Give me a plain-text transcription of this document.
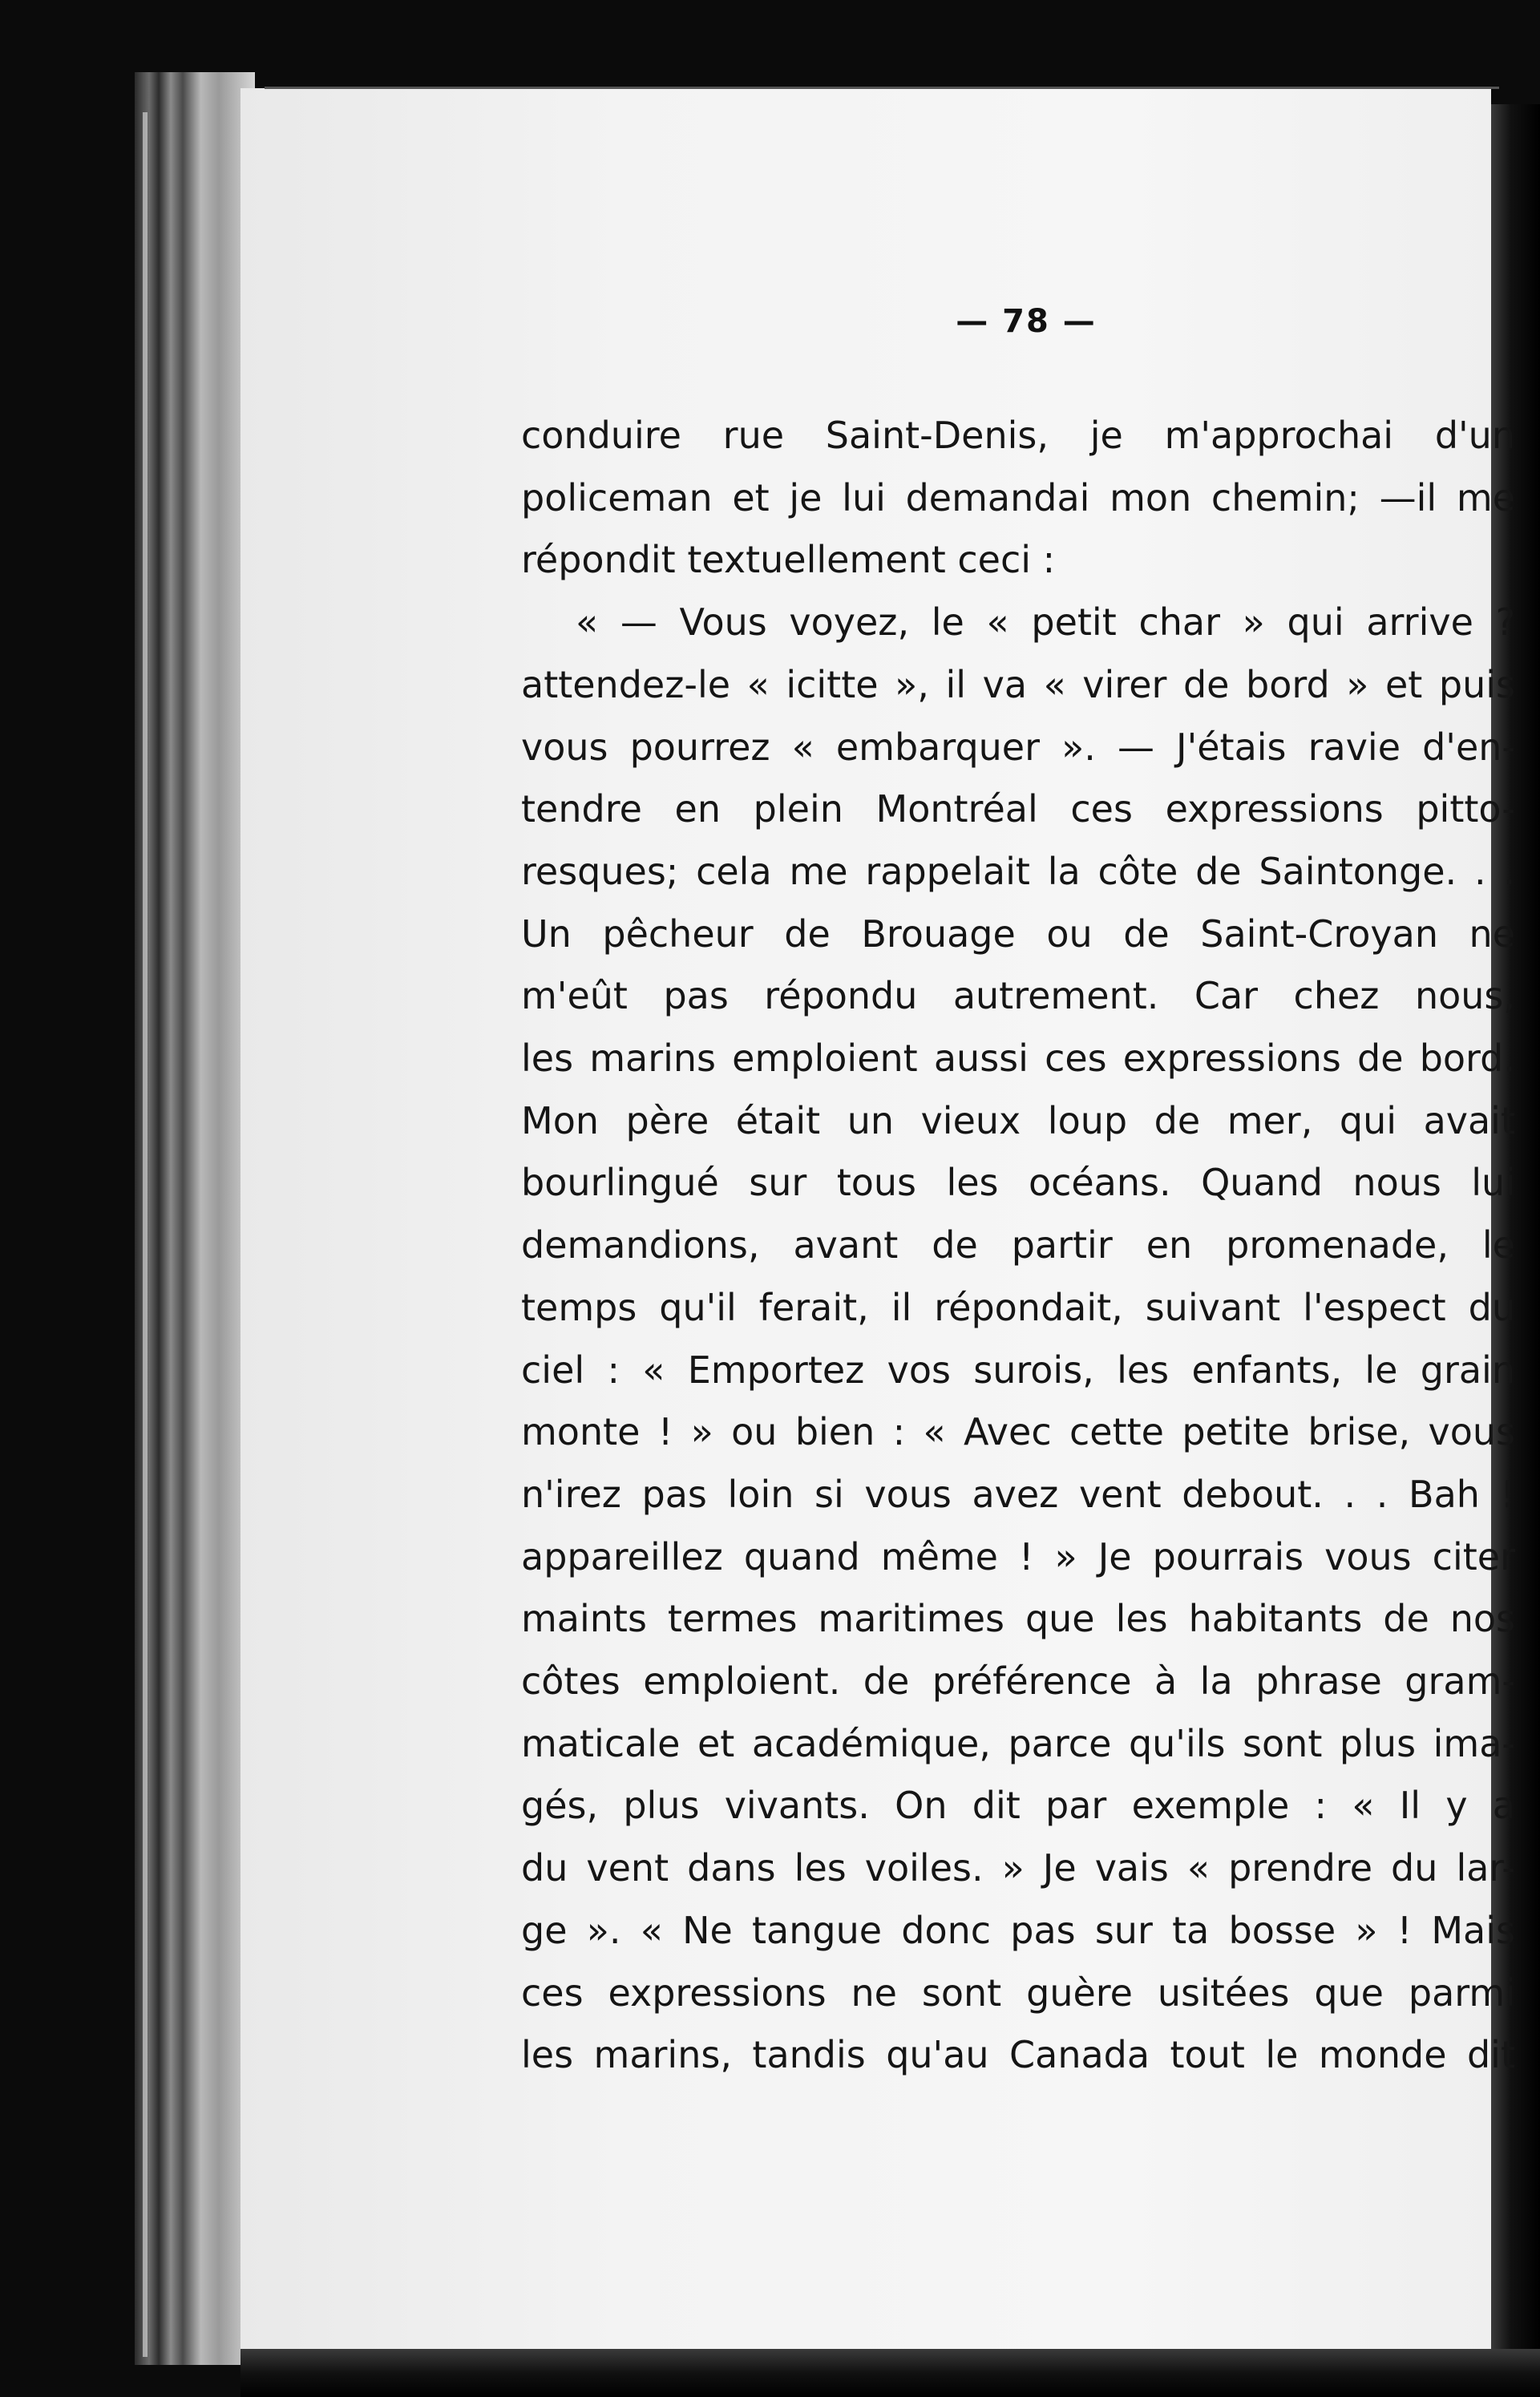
— 78 —
conduire rue Saint-Denis, je m'approchai d'un
policeman et je lui demandai mon chemin; —il me
répondit textuellement ceci :
« — Vous voyez, le « petit char » qui arrive ?
attendez-le « icitte », il va « virer de bord » et puis
vous pourrez « embarquer ». — J'étais ravie d'en-
tendre en plein Montréal ces expressions pitto-
resques; cela me rappelait la côte de Saintonge. . .
Un pêcheur de Brouage ou de Saint-Croyan ne
m'eût pas répondu autrement. Car chez nous,
les marins emploient aussi ces expressions de bord.
Mon père était un vieux loup de mer, qui avait
bourlingué sur tous les océans. Quand nous lui
demandions, avant de partir en promenade, le
temps qu'il ferait, il répondait, suivant l'espect du
ciel : « Emportez vos surois, les enfants, le grain
monte ! » ou bien : « Avec cette petite brise, vous
n'irez pas loin si vous avez vent debout. . . Bah !
appareillez quand même ! » Je pourrais vous citer
maints termes maritimes que les habitants de nos
côtes emploient. de préférence à la phrase gram-
maticale et académique, parce qu'ils sont plus ima-
gés, plus vivants. On dit par exemple : « Il y a
du vent dans les voiles. » Je vais « prendre du lar-
ge ». « Ne tangue donc pas sur ta bosse » ! Mais
ces expressions ne sont guère usitées que parmi
les marins, tandis qu'au Canada tout le monde dit
